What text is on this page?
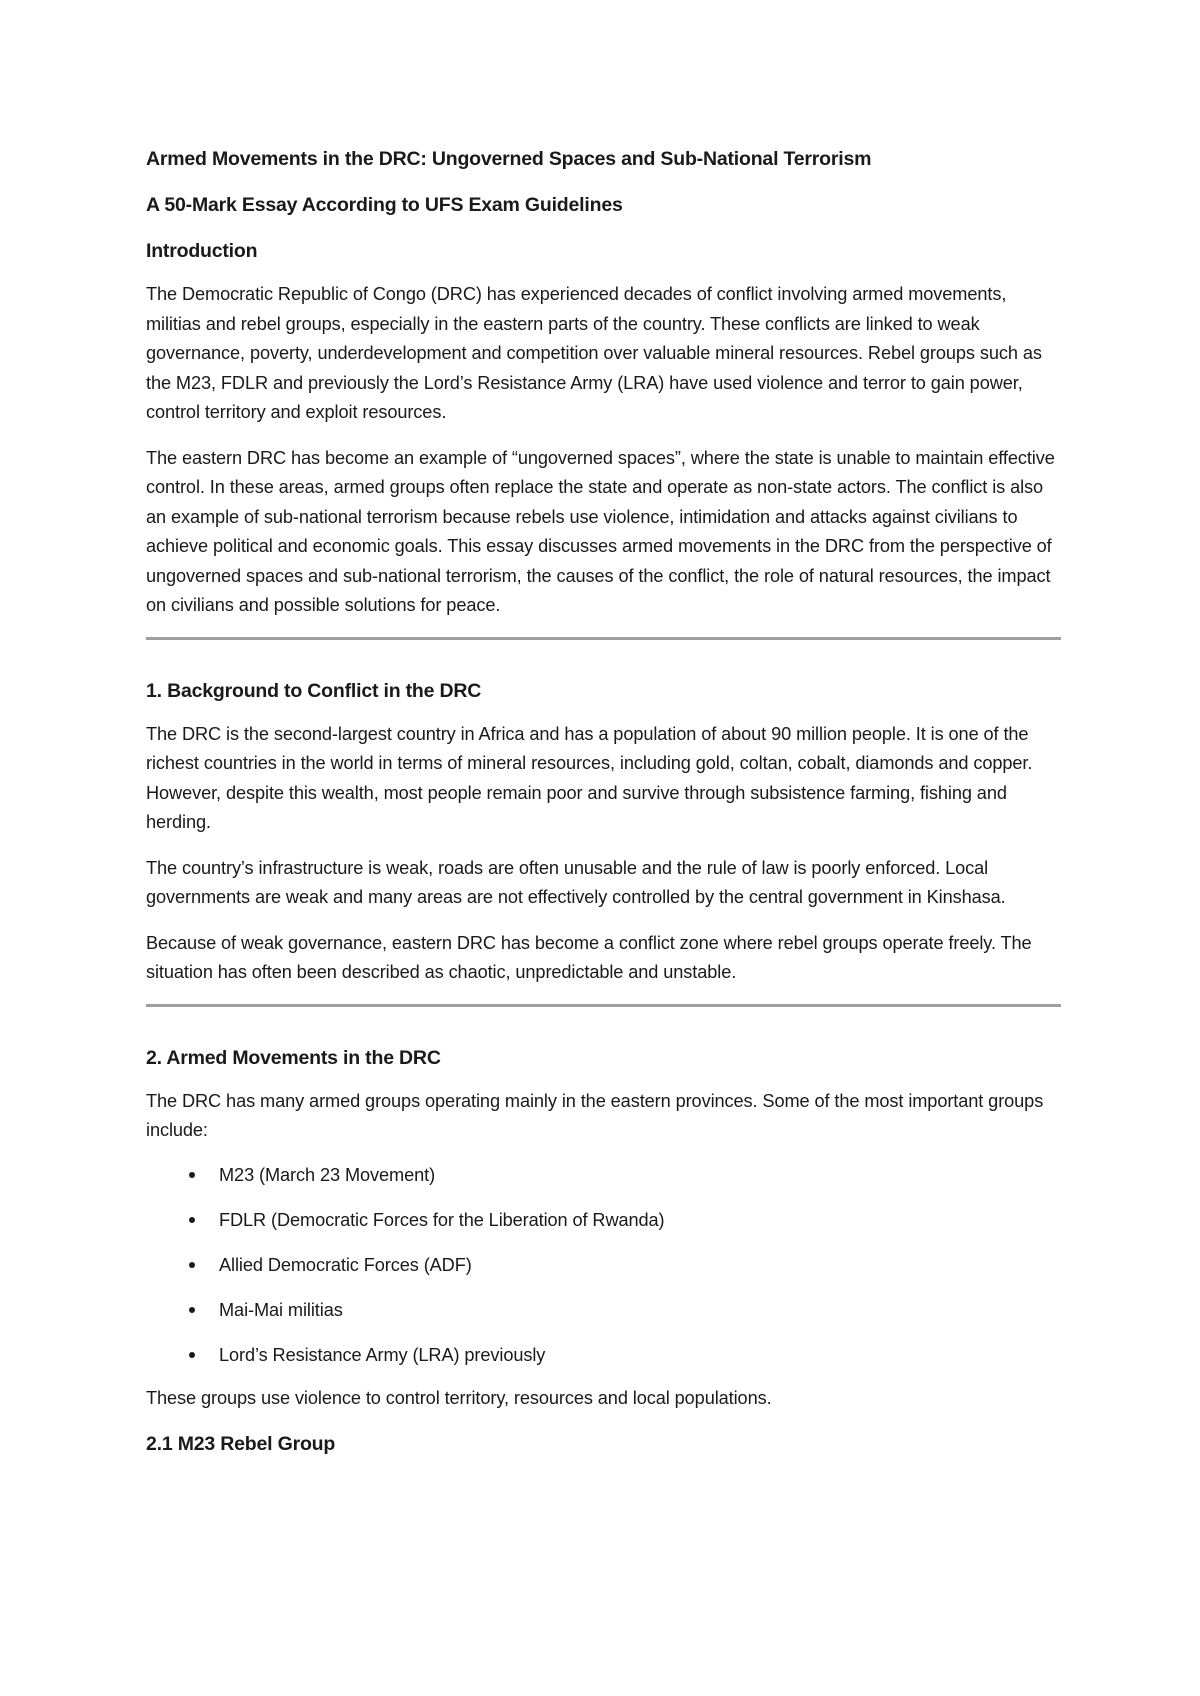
Armed Movements in the DRC: Ungoverned Spaces and Sub-National Terrorism
A 50-Mark Essay According to UFS Exam Guidelines
Introduction

The Democratic Republic of Congo (DRC) has experienced decades of conflict involving armed movements, militias and rebel groups, especially in the eastern parts of the country. These conflicts are linked to weak governance, poverty, underdevelopment and competition over valuable mineral resources. Rebel groups such as the M23, FDLR and previously the Lord’s Resistance Army (LRA) have used violence and terror to gain power, control territory and exploit resources.

The eastern DRC has become an example of “ungoverned spaces”, where the state is unable to maintain effective control. In these areas, armed groups often replace the state and operate as non-state actors. The conflict is also an example of sub-national terrorism because rebels use violence, intimidation and attacks against civilians to achieve political and economic goals. This essay discusses armed movements in the DRC from the perspective of ungoverned spaces and sub-national terrorism, the causes of the conflict, the role of natural resources, the impact on civilians and possible solutions for peace.

1. Background to Conflict in the DRC

The DRC is the second-largest country in Africa and has a population of about 90 million people. It is one of the richest countries in the world in terms of mineral resources, including gold, coltan, cobalt, diamonds and copper. However, despite this wealth, most people remain poor and survive through subsistence farming, fishing and herding.

The country’s infrastructure is weak, roads are often unusable and the rule of law is poorly enforced. Local governments are weak and many areas are not effectively controlled by the central government in Kinshasa.

Because of weak governance, eastern DRC has become a conflict zone where rebel groups operate freely. The situation has often been described as chaotic, unpredictable and unstable.

2. Armed Movements in the DRC

The DRC has many armed groups operating mainly in the eastern provinces. Some of the most important groups include:

M23 (March 23 Movement)
FDLR (Democratic Forces for the Liberation of Rwanda)
Allied Democratic Forces (ADF)
Mai-Mai militias
Lord’s Resistance Army (LRA) previously

These groups use violence to control territory, resources and local populations.

2.1 M23 Rebel Group
